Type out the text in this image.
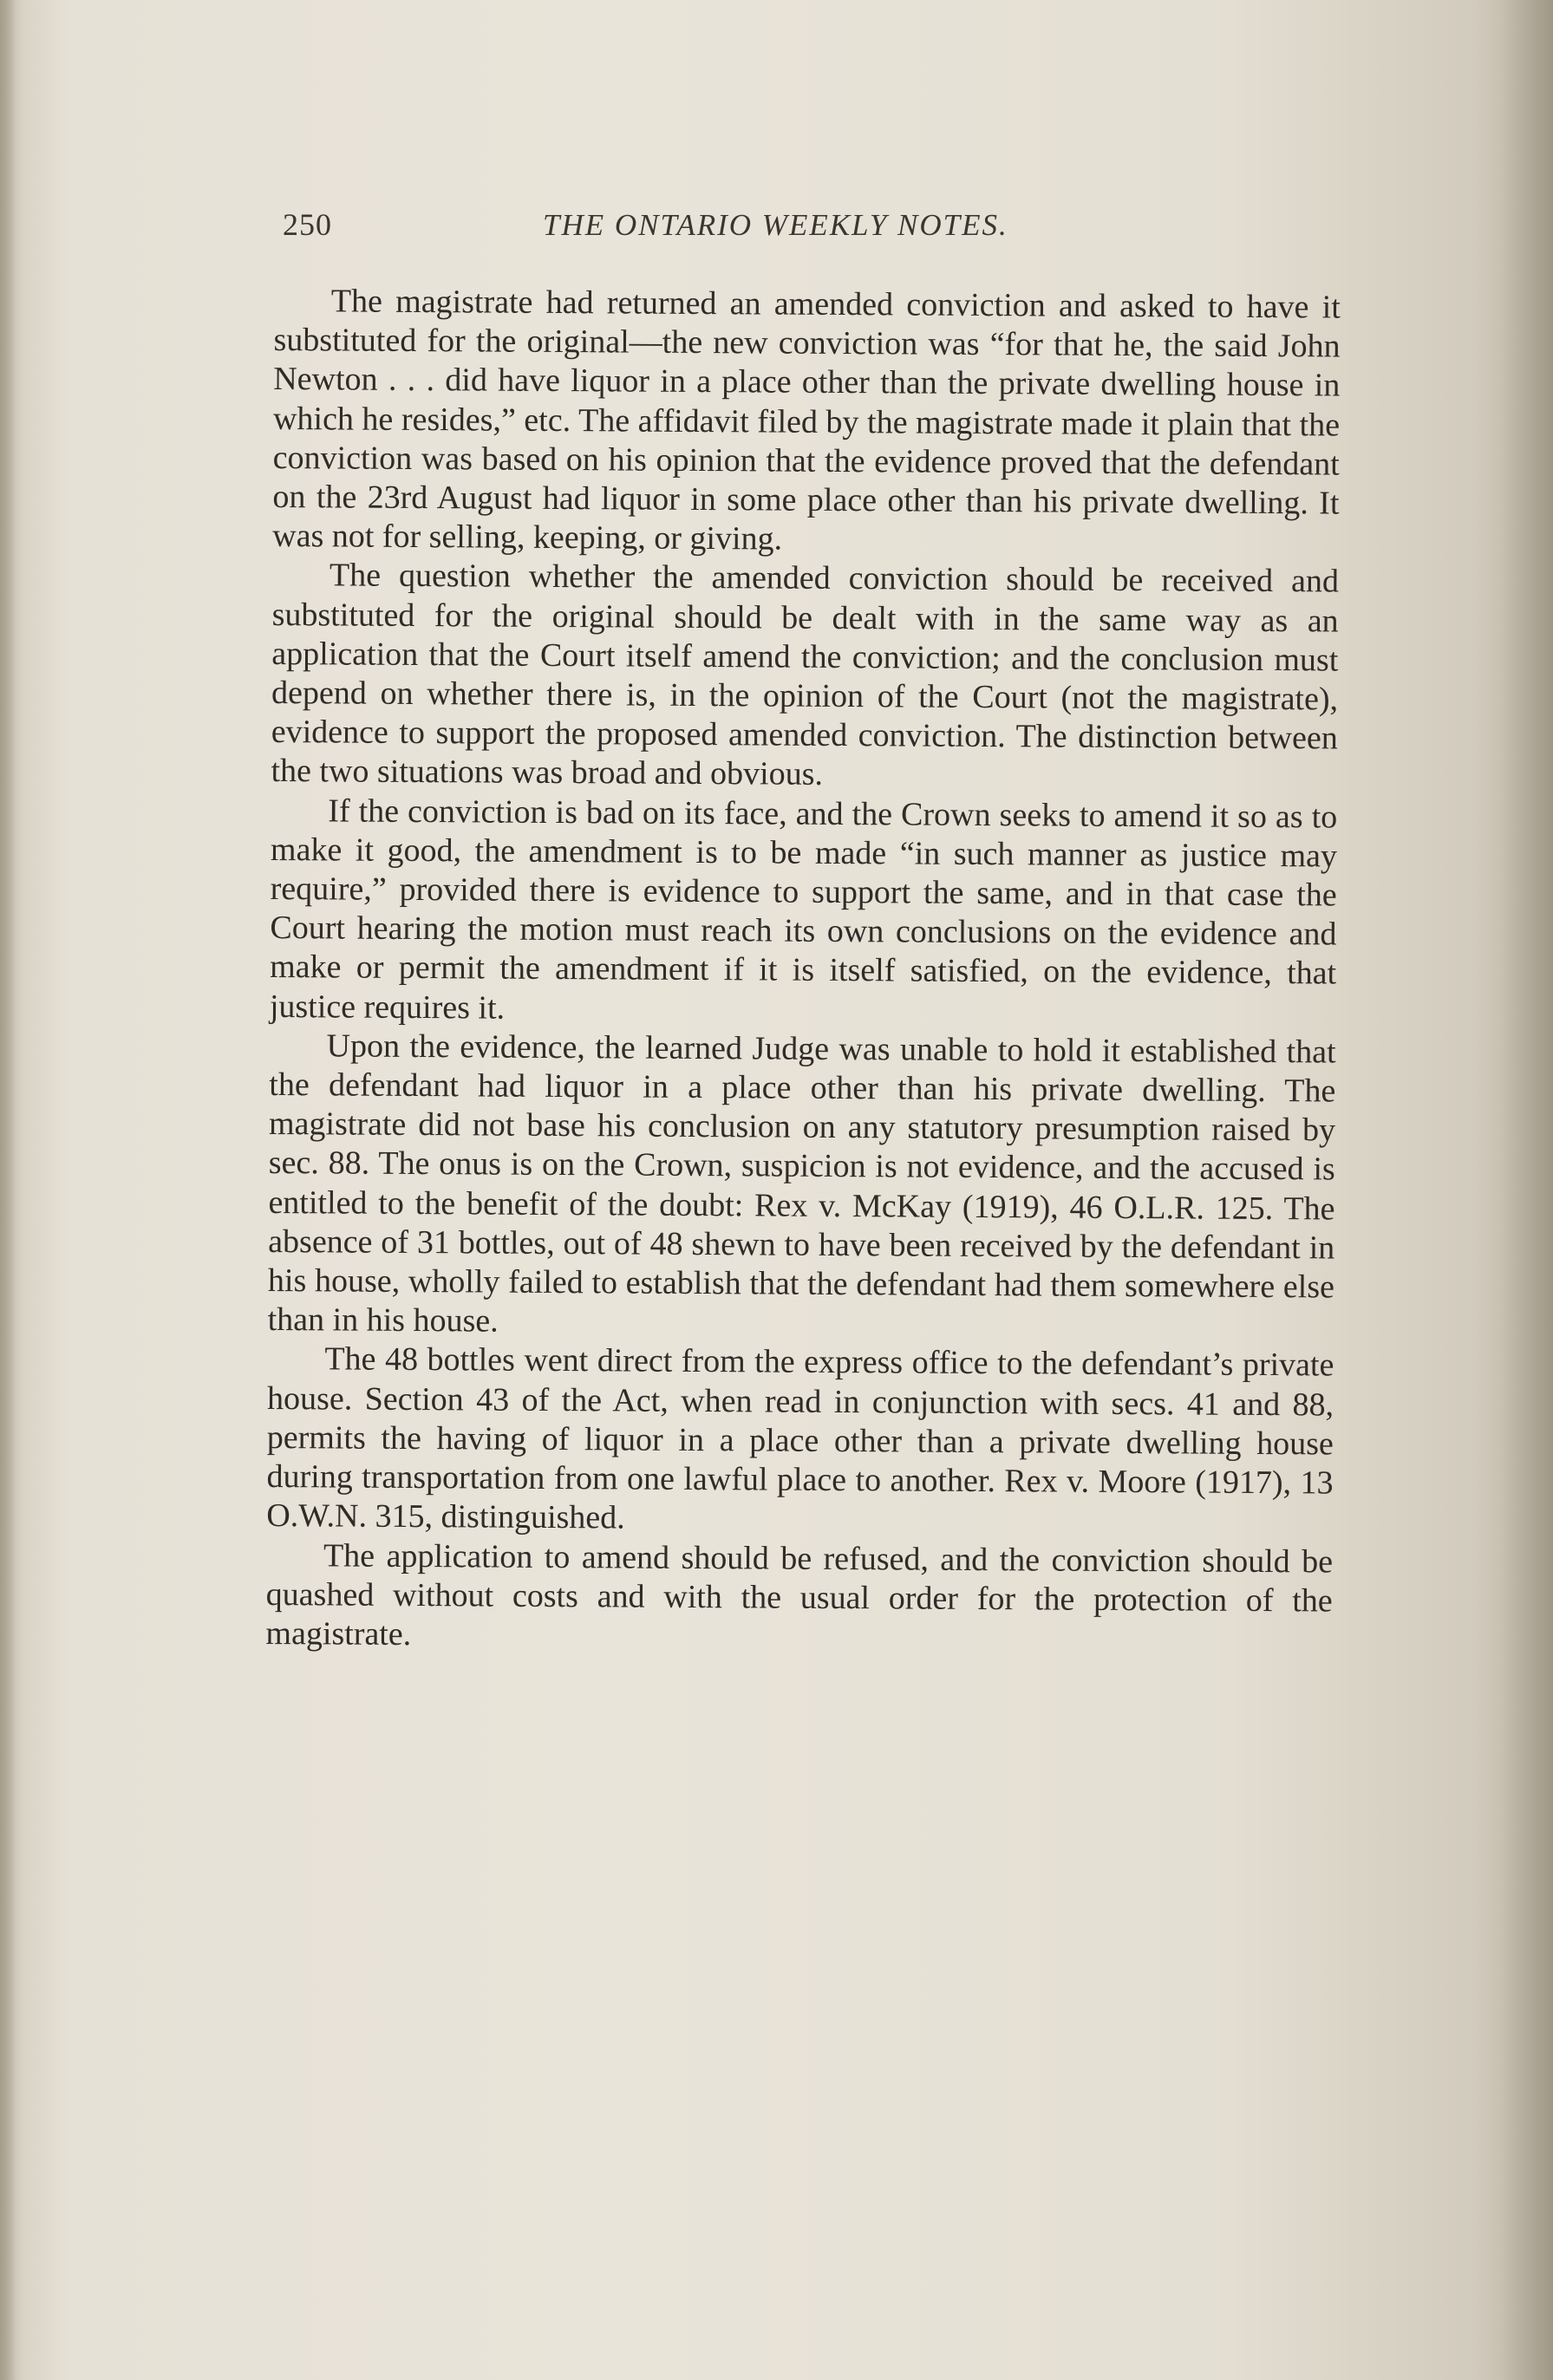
250	THE ONTARIO WEEKLY NOTES.

The magistrate had returned an amended conviction and asked to have it substituted for the original—the new conviction was “for that he, the said John Newton . . . did have liquor in a place other than the private dwelling house in which he resides,” etc. The affidavit filed by the magistrate made it plain that the conviction was based on his opinion that the evidence proved that the defendant on the 23rd August had liquor in some place other than his private dwelling. It was not for selling, keeping, or giving.

The question whether the amended conviction should be received and substituted for the original should be dealt with in the same way as an application that the Court itself amend the conviction; and the conclusion must depend on whether there is, in the opinion of the Court (not the magistrate), evidence to support the proposed amended conviction. The distinction between the two situations was broad and obvious.

If the conviction is bad on its face, and the Crown seeks to amend it so as to make it good, the amendment is to be made “in such manner as justice may require,” provided there is evidence to support the same, and in that case the Court hearing the motion must reach its own conclusions on the evidence and make or permit the amendment if it is itself satisfied, on the evidence, that justice requires it.

Upon the evidence, the learned Judge was unable to hold it established that the defendant had liquor in a place other than his private dwelling. The magistrate did not base his conclusion on any statutory presumption raised by sec. 88. The onus is on the Crown, suspicion is not evidence, and the accused is entitled to the benefit of the doubt: Rex v. McKay (1919), 46 O.L.R. 125. The absence of 31 bottles, out of 48 shewn to have been received by the defendant in his house, wholly failed to establish that the defendant had them somewhere else than in his house.

The 48 bottles went direct from the express office to the defendant’s private house. Section 43 of the Act, when read in conjunction with secs. 41 and 88, permits the having of liquor in a place other than a private dwelling house during transportation from one lawful place to another. Rex v. Moore (1917), 13 O.W.N. 315, distinguished.

The application to amend should be refused, and the conviction should be quashed without costs and with the usual order for the protection of the magistrate.
